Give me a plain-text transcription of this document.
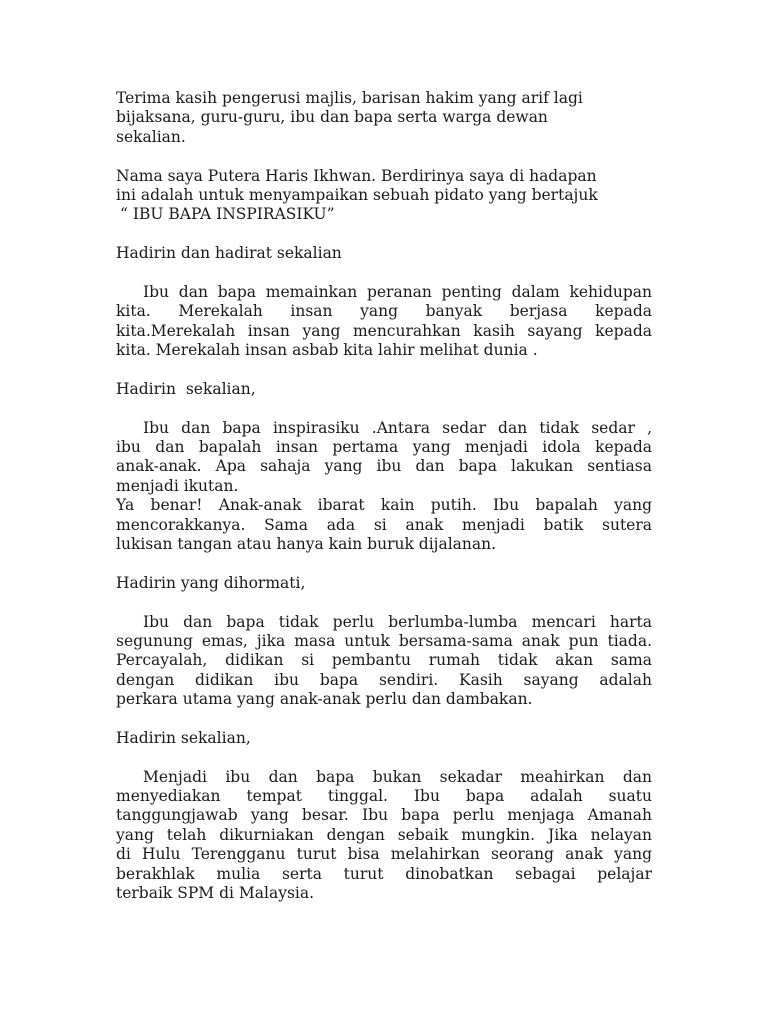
Terima kasih pengerusi majlis, barisan hakim yang arif lagi
bijaksana, guru-guru, ibu dan bapa serta warga dewan
sekalian.
Nama saya Putera Haris Ikhwan. Berdirinya saya di hadapan
ini adalah untuk menyampaikan sebuah pidato yang bertajuk
“ IBU BAPA INSPIRASIKU”
Hadirin dan hadirat sekalian
Ibu dan bapa memainkan peranan penting dalam kehidupan
kita. Merekalah insan yang banyak berjasa kepada
kita.Merekalah insan yang mencurahkan kasih sayang kepada
kita. Merekalah insan asbab kita lahir melihat dunia .
Hadirin  sekalian,
Ibu dan bapa inspirasiku .Antara sedar dan tidak sedar ,
ibu dan bapalah insan pertama yang menjadi idola kepada
anak-anak. Apa sahaja yang ibu dan bapa lakukan sentiasa
menjadi ikutan.
Ya benar! Anak-anak ibarat kain putih. Ibu bapalah yang
mencorakkanya. Sama ada si anak menjadi batik sutera
lukisan tangan atau hanya kain buruk dijalanan.
Hadirin yang dihormati,
Ibu dan bapa tidak perlu berlumba-lumba mencari harta
segunung emas, jika masa untuk bersama-sama anak pun tiada.
Percayalah, didikan si pembantu rumah tidak akan sama
dengan didikan ibu bapa sendiri. Kasih sayang adalah
perkara utama yang anak-anak perlu dan dambakan.
Hadirin sekalian,
Menjadi ibu dan bapa bukan sekadar meahirkan dan
menyediakan tempat tinggal. Ibu bapa adalah suatu
tanggungjawab yang besar. Ibu bapa perlu menjaga Amanah
yang telah dikurniakan dengan sebaik mungkin. Jika nelayan
di Hulu Terengganu turut bisa melahirkan seorang anak yang
berakhlak mulia serta turut dinobatkan sebagai pelajar
terbaik SPM di Malaysia.
